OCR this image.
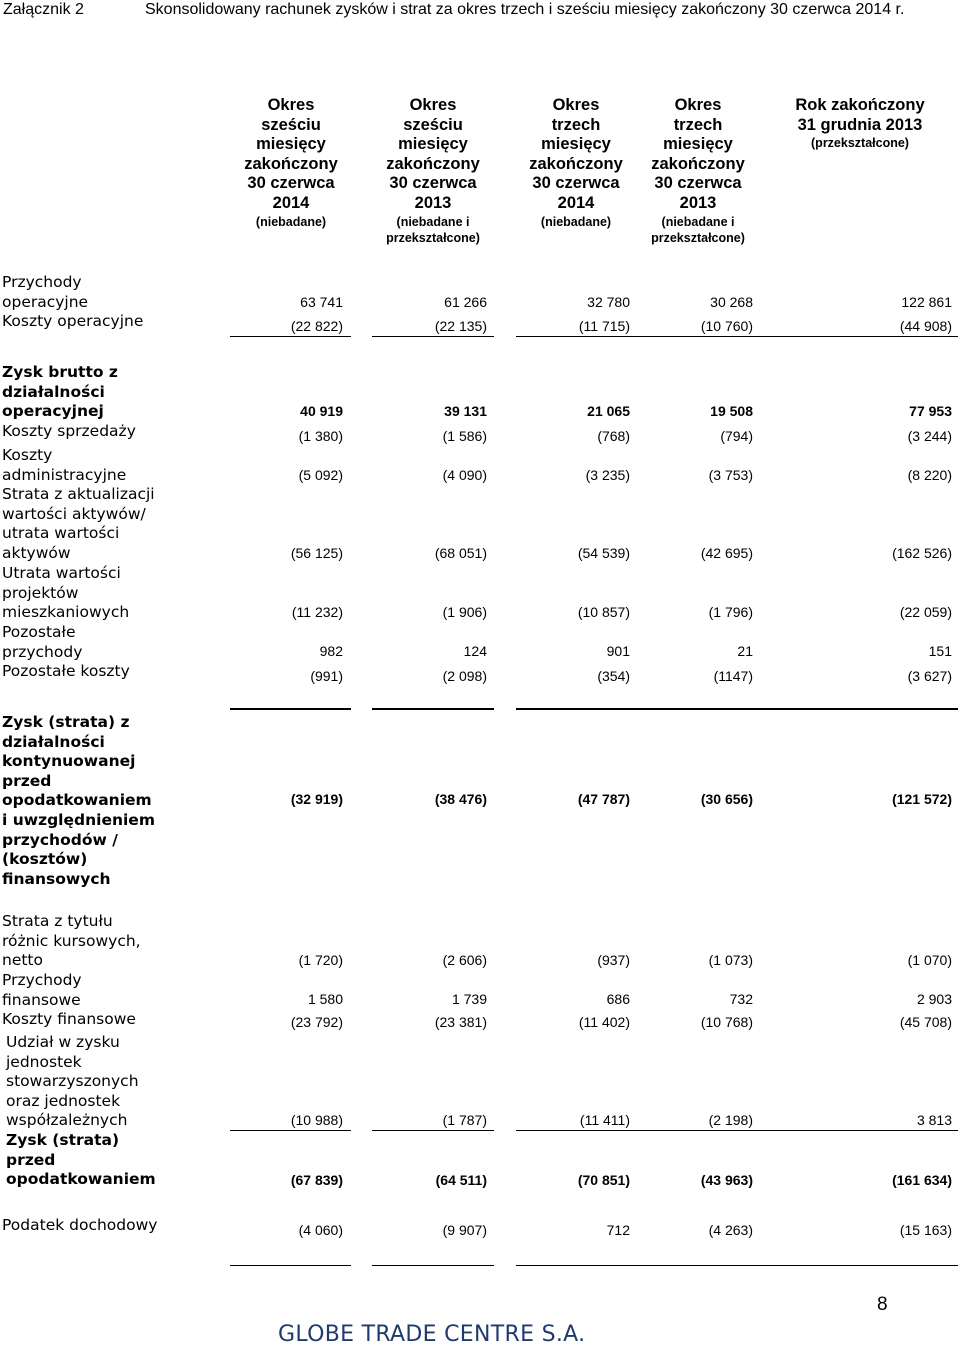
Załącznik 2	Skonsolidowany rachunek zysków i strat za okres trzech i sześciu miesięcy zakończony 30 czerwca 2014 r.
Okres
sześciu
miesięcy
zakończony
30 czerwca
2014
(niebadane)
Okres
sześciu
miesięcy
zakończony
30 czerwca
2013
(niebadane i
przekształcone)
Okres
trzech
miesięcy
zakończony
30 czerwca
2014
(niebadane)
Okres
trzech
miesięcy
zakończony
30 czerwca
2013
(niebadane i
przekształcone)
Rok zakończony
31 grudnia 2013
(przekształcone)
Przychody
operacyjne	63 741	61 266	32 780	30 268	122 861
Koszty operacyjne	(22 822)	(22 135)	(11 715)	(10 760)	(44 908)
Zysk brutto z
działalności
operacyjnej	40 919	39 131	21 065	19 508	77 953
Koszty sprzedaży	(1 380)	(1 586)	(768)	(794)	(3 244)
Koszty
administracyjne	(5 092)	(4 090)	(3 235)	(3 753)	(8 220)
Strata z aktualizacji
wartości aktywów/
utrata wartości
aktywów	(56 125)	(68 051)	(54 539)	(42 695)	(162 526)
Utrata wartości
projektów
mieszkaniowych	(11 232)	(1 906)	(10 857)	(1 796)	(22 059)
Pozostałe
przychody	982	124	901	21	151
Pozostałe koszty	(991)	(2 098)	(354)	(1147)	(3 627)
Zysk (strata) z
działalności
kontynuowanej
przed
opodatkowaniem
i uwzględnieniem
przychodów /
(kosztów)
finansowych
(32 919)	(38 476)	(47 787)	(30 656)	(121 572)
Strata z tytułu
różnic kursowych,
netto	(1 720)	(2 606)	(937)	(1 073)	(1 070)
Przychody
finansowe	1 580	1 739	686	732	2 903
Koszty finansowe	(23 792)	(23 381)	(11 402)	(10 768)	(45 708)
Udział w zysku
jednostek
stowarzyszonych
oraz jednostek
współzależnych	(10 988)	(1 787)	(11 411)	(2 198)	3 813
Zysk (strata)
przed
opodatkowaniem	(67 839)	(64 511)	(70 851)	(43 963)	(161 634)
Podatek dochodowy	(4 060)	(9 907)	712	(4 263)	(15 163)
8
GLOBE TRADE CENTRE S.A.
